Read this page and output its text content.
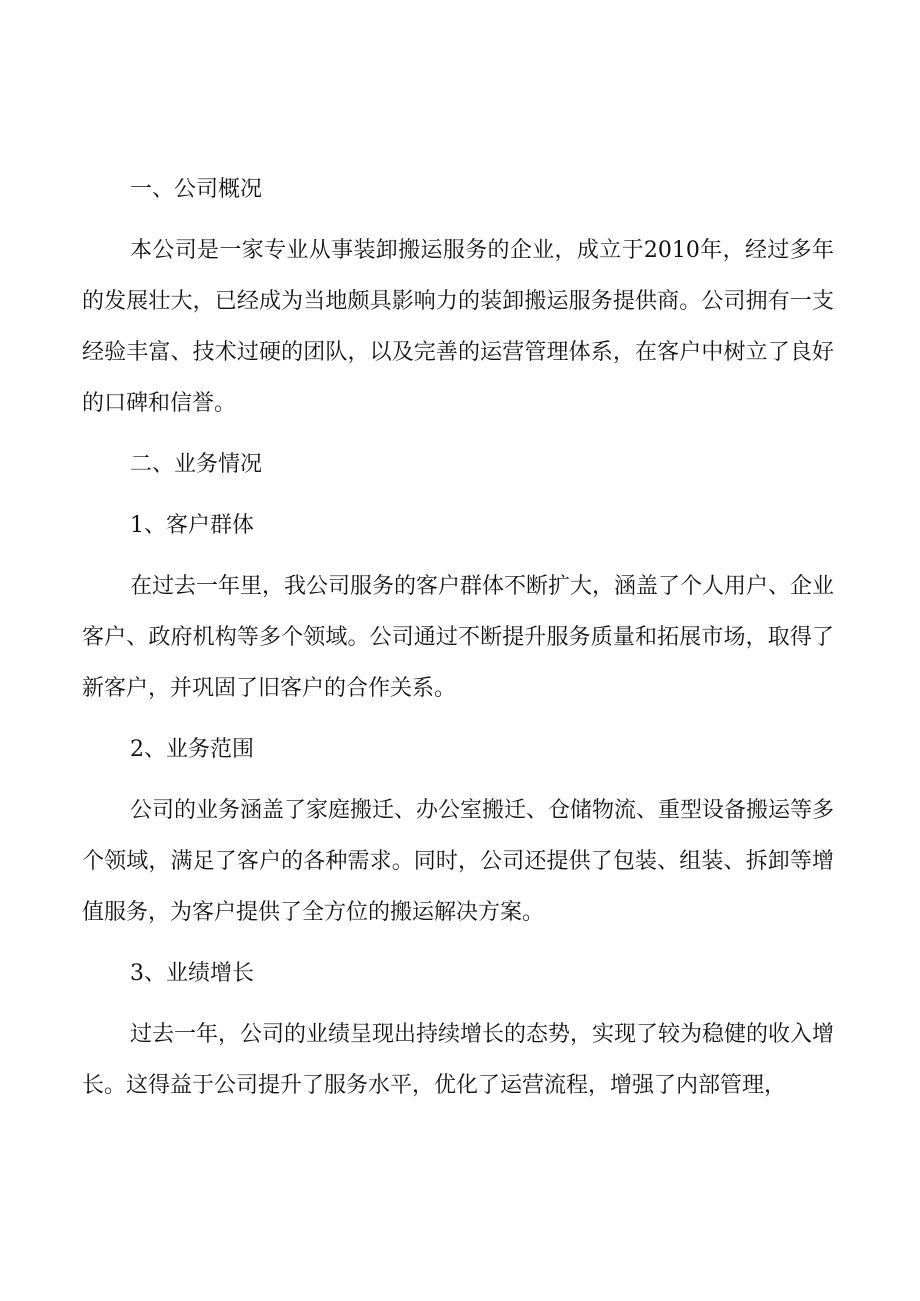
一、公司概况

本公司是一家专业从事装卸搬运服务的企业，成立于2010年，经过多年的发展壮大，已经成为当地颇具影响力的装卸搬运服务提供商。公司拥有一支经验丰富、技术过硬的团队，以及完善的运营管理体系，在客户中树立了良好的口碑和信誉。

二、业务情况

1、客户群体

在过去一年里，我公司服务的客户群体不断扩大，涵盖了个人用户、企业客户、政府机构等多个领域。公司通过不断提升服务质量和拓展市场，取得了新客户，并巩固了旧客户的合作关系。

2、业务范围

公司的业务涵盖了家庭搬迁、办公室搬迁、仓储物流、重型设备搬运等多个领域，满足了客户的各种需求。同时，公司还提供了包装、组装、拆卸等增值服务，为客户提供了全方位的搬运解决方案。

3、业绩增长

过去一年，公司的业绩呈现出持续增长的态势，实现了较为稳健的收入增长。这得益于公司提升了服务水平，优化了运营流程，增强了内部管理，
